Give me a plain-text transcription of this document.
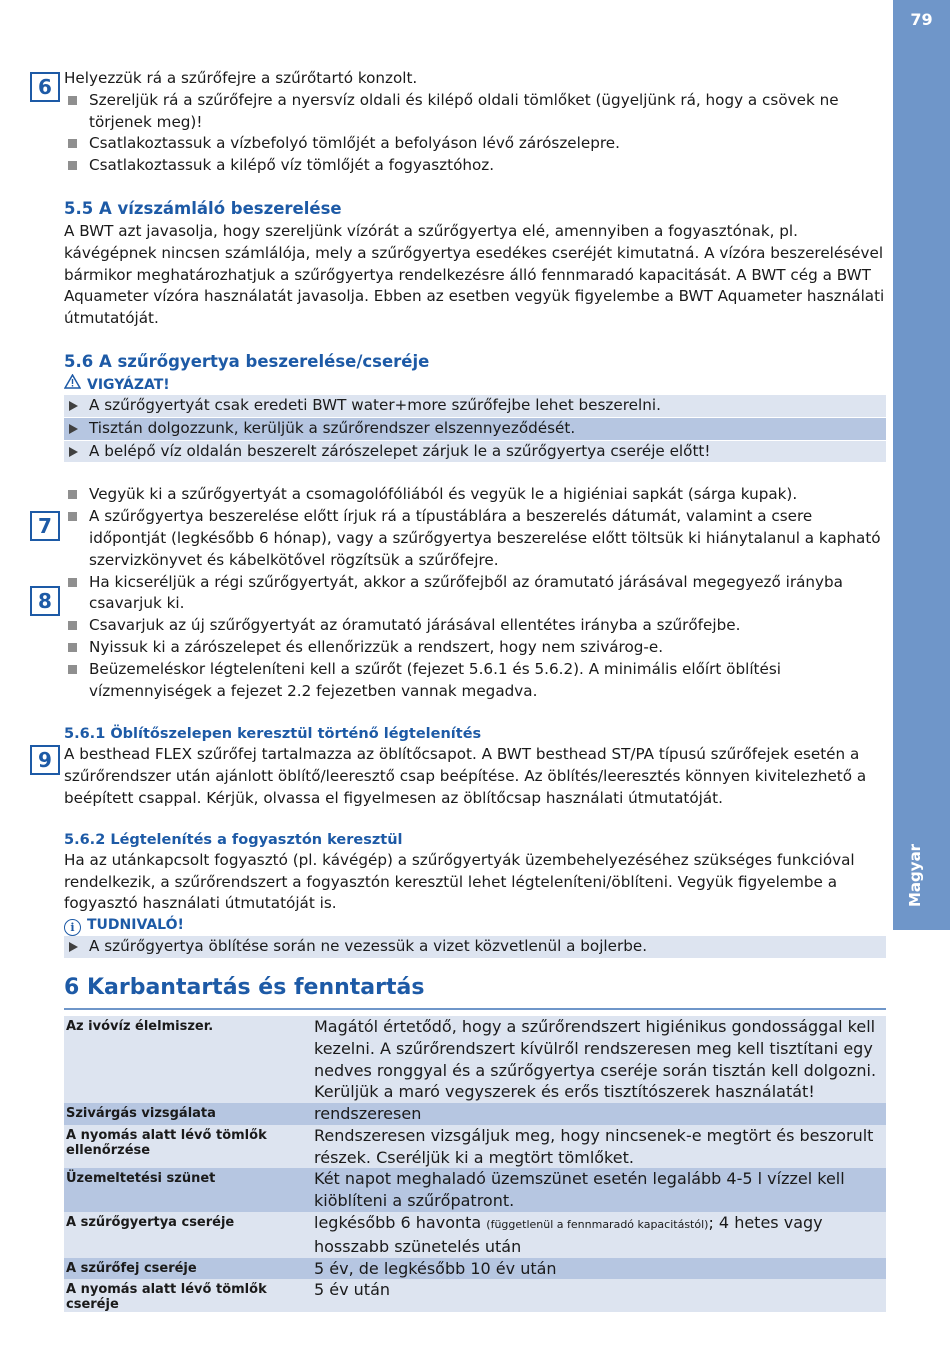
79
Magyar
6
7
8
9

Helyezzük rá a szűrőfejre a szűrőtartó konzolt.

Szereljük rá a szűrőfejre a nyersvíz oldali és kilépő oldali tömlőket (ügyeljünk rá, hogy a csövek ne törjenek meg)!
Csatlakoztassuk a vízbefolyó tömlőjét a befolyáson lévő zárószelepre.
Csatlakoztassuk a kilépő víz tömlőjét a fogyasztóhoz.
5.5 A vízszámláló beszerelése

A BWT azt javasolja, hogy szereljünk vízórát a szűrőgyertya elé, amennyiben a fogyasztónak, pl. kávégépnek nincsen számlálója, mely a szűrőgyertya esedékes cseréjét kimutatná. A vízóra beszerelésével bármikor meghatározhatjuk a szűrőgyertya rendelkezésre álló fennmaradó kapacitását. A BWT cég a BWT Aquameter vízóra használatát javasolja. Ebben az esetben vegyük figyelembe a BWT Aquameter használati útmutatóját.

5.6 A szűrőgyertya beszerelése/cseréje
VIGYÁZAT!
A szűrőgyertyát csak eredeti BWT water+more szűrőfejbe lehet beszerelni.
Tisztán dolgozzunk, kerüljük a szűrőrendszer elszennyeződését.
A belépő víz oldalán beszerelt zárószelepet zárjuk le a szűrőgyertya cseréje előtt!
Vegyük ki a szűrőgyertyát a csomagolófóliából és vegyük le a higiéniai sapkát (sárga kupak).
A szűrőgyertya beszerelése előtt írjuk rá a típustáblára a beszerelés dátumát, valamint a csere időpontját (legkésőbb 6 hónap), vagy a szűrőgyertya beszerelése előtt töltsük ki hiánytalanul a kapható szervizkönyvet és kábelkötővel rögzítsük a szűrőfejre.
Ha kicseréljük a régi szűrőgyertyát, akkor a szűrőfejből az óramutató járásával megegyező irányba csavarjuk ki.
Csavarjuk az új szűrőgyertyát az óramutató járásával ellentétes irányba a szűrőfejbe.
Nyissuk ki a zárószelepet és ellenőrizzük a rendszert, hogy nem szivárog-e.
Beüzemeléskor légteleníteni kell a szűrőt (fejezet 5.6.1 és 5.6.2). A minimális előírt öblítési vízmennyiségek a fejezet 2.2 fejezetben vannak megadva.
5.6.1 Öblítőszelepen keresztül történő légtelenítés

A besthead FLEX szűrőfej tartalmazza az öblítőcsapot. A BWT besthead ST/PA típusú szűrőfejek esetén a szűrőrendszer után ajánlott öblítő/leeresztő csap beépítése. Az öblítés/leeresztés könnyen kivitelezhető a beépített csappal. Kérjük, olvassa el figyelmesen az öblítőcsap használati útmutatóját.

5.6.2 Légtelenítés a fogyasztón keresztül

Ha az utánkapcsolt fogyasztó (pl. kávégép) a szűrőgyertyák üzembehelyezéséhez szükséges funkcióval rendelkezik, a szűrőrendszert a fogyasztón keresztül lehet légteleníteni/öblíteni. Vegyük figyelembe a fogyasztó használati útmutatóját is.

i TUDNIVALÓ!
A szűrőgyertya öblítése során ne vezessük a vizet közvetlenül a bojlerbe.
6 Karbantartás és fenntartás
Az ivóvíz élelmiszer.	Magától értetődő, hogy a szűrőrendszert higiénikus gondossággal kell kezelni. A szűrőrendszert kívülről rendszeresen meg kell tisztítani egy nedves ronggyal és a szűrőgyertya cseréje során tisztán kell dolgozni. Kerüljük a maró vegyszerek és erős tisztítószerek használatát!
Szivárgás vizsgálata	rendszeresen
A nyomás alatt lévő tömlők ellenőrzése	Rendszeresen vizsgáljuk meg, hogy nincsenek-e megtört és beszorult részek. Cseréljük ki a megtört tömlőket.
Üzemeltetési szünet	Két napot meghaladó üzemszünet esetén legalább 4-5 l vízzel kell kiöblíteni a szűrőpatront.
A szűrőgyertya cseréje	legkésőbb 6 havonta (függetlenül a fennmaradó kapacitástól); 4 hetes vagy hosszabb szünetelés után
A szűrőfej cseréje	5 év, de legkésőbb 10 év után
A nyomás alatt lévő tömlők cseréje	5 év után
